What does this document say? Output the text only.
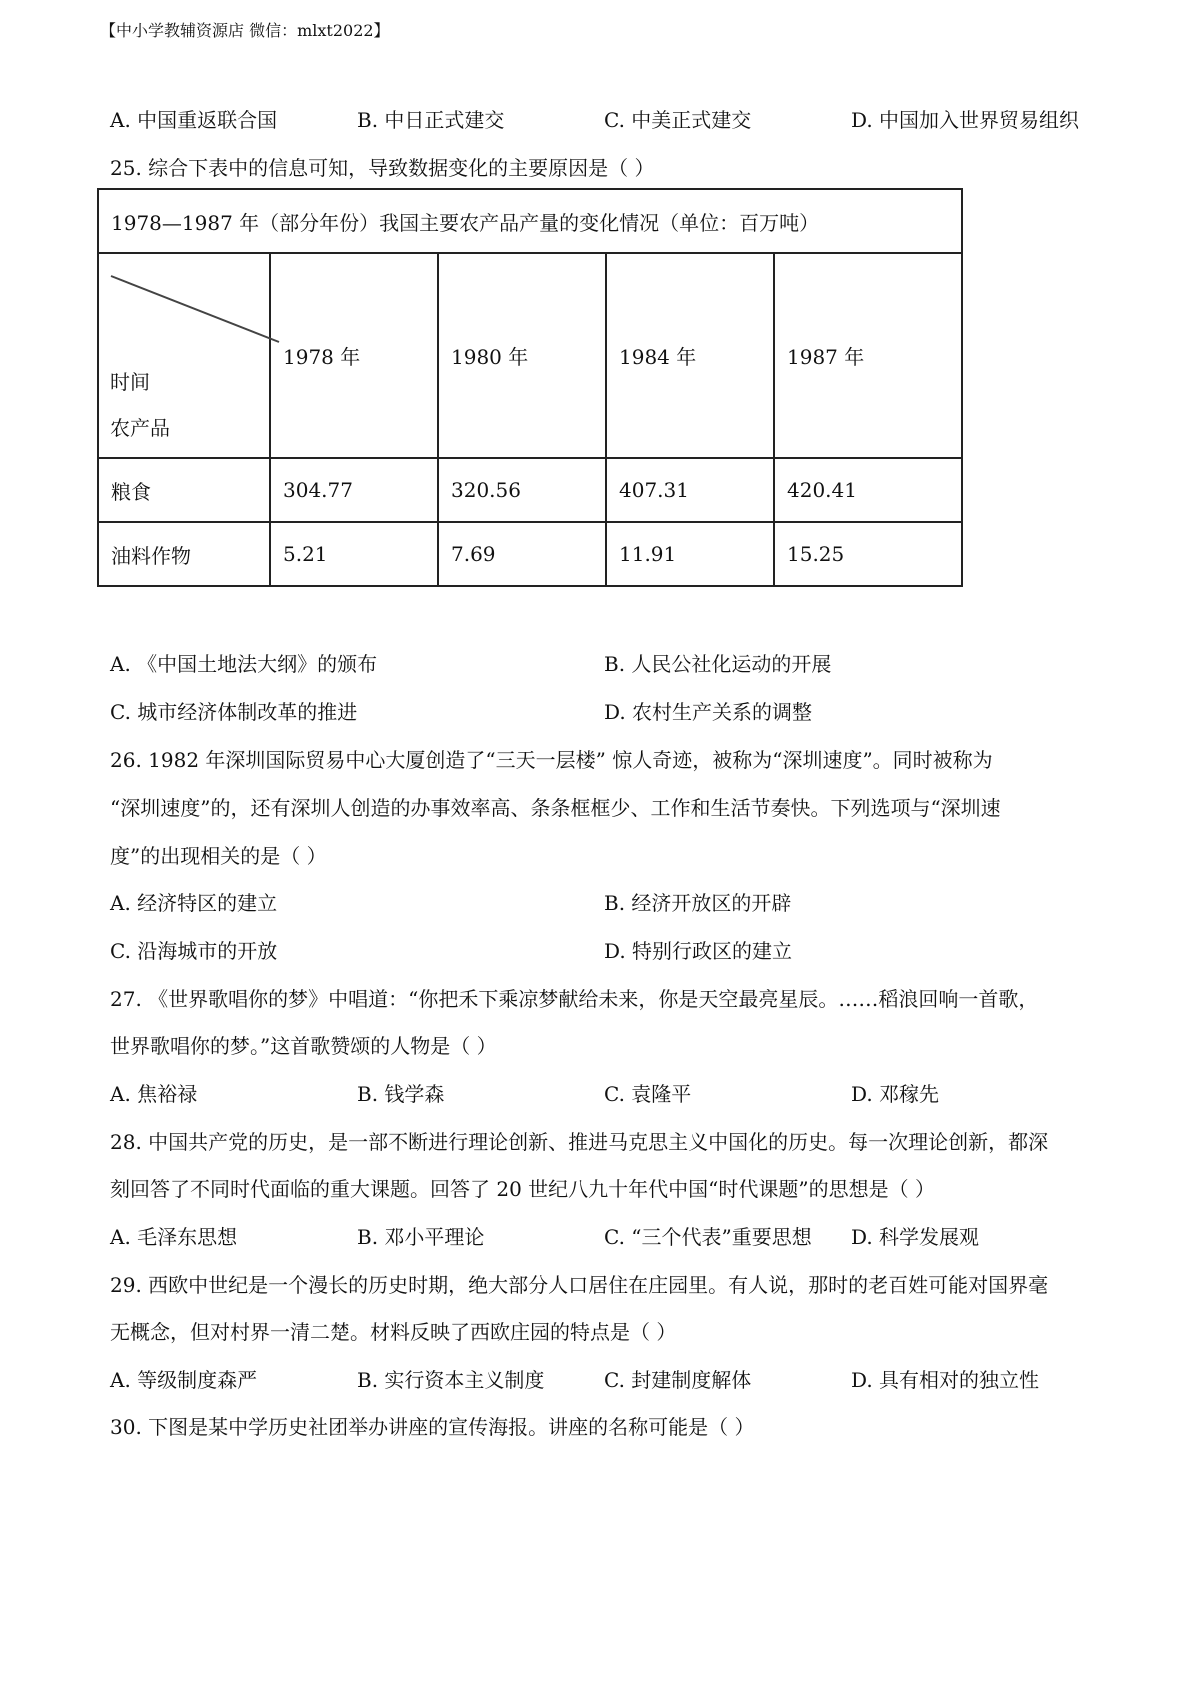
【中小学教辅资源店 微信：mlxt2022】
A. 中国重返联合国	B. 中日正式建交	C. 中美正式建交	D. 中国加入世界贸易组织
25. 综合下表中的信息可知，导致数据变化的主要原因是（ ）
1978—1987 年（部分年份）我国主要农产品产量的变化情况（单位：百万吨）				

时间
农产品	1978 年	1980 年	1984 年	1987 年
粮食	304.77	320.56	407.31	420.41
油料作物	5.21	7.69	11.91	15.25
A. 《中国土地法大纲》的颁布	B. 人民公社化运动的开展
C. 城市经济体制改革的推进	D. 农村生产关系的调整
26. 1982 年深圳国际贸易中心大厦创造了“三天一层楼” 惊人奇迹，被称为“深圳速度”。同时被称为
“深圳速度”的，还有深圳人创造的办事效率高、条条框框少、工作和生活节奏快。下列选项与“深圳速
度”的出现相关的是（ ）
A. 经济特区的建立	B. 经济开放区的开辟
C. 沿海城市的开放	D. 特别行政区的建立
27. 《世界歌唱你的梦》中唱道：“你把禾下乘凉梦献给未来，你是天空最亮星辰。……稻浪回响一首歌，
世界歌唱你的梦。”这首歌赞颂的人物是（ ）
A. 焦裕禄	B. 钱学森	C. 袁隆平	D. 邓稼先
28. 中国共产党的历史，是一部不断进行理论创新、推进马克思主义中国化的历史。每一次理论创新，都深
刻回答了不同时代面临的重大课题。回答了 20 世纪八九十年代中国“时代课题”的思想是（ ）
A. 毛泽东思想	B. 邓小平理论	C. “三个代表”重要思想 D. 科学发展观
29. 西欧中世纪是一个漫长的历史时期，绝大部分人口居住在庄园里。有人说，那时的老百姓可能对国界毫
无概念，但对村界一清二楚。材料反映了西欧庄园的特点是（ ）
A. 等级制度森严	B. 实行资本主义制度	C. 封建制度解体	D. 具有相对的独立性
30. 下图是某中学历史社团举办讲座的宣传海报。讲座的名称可能是（ ）
